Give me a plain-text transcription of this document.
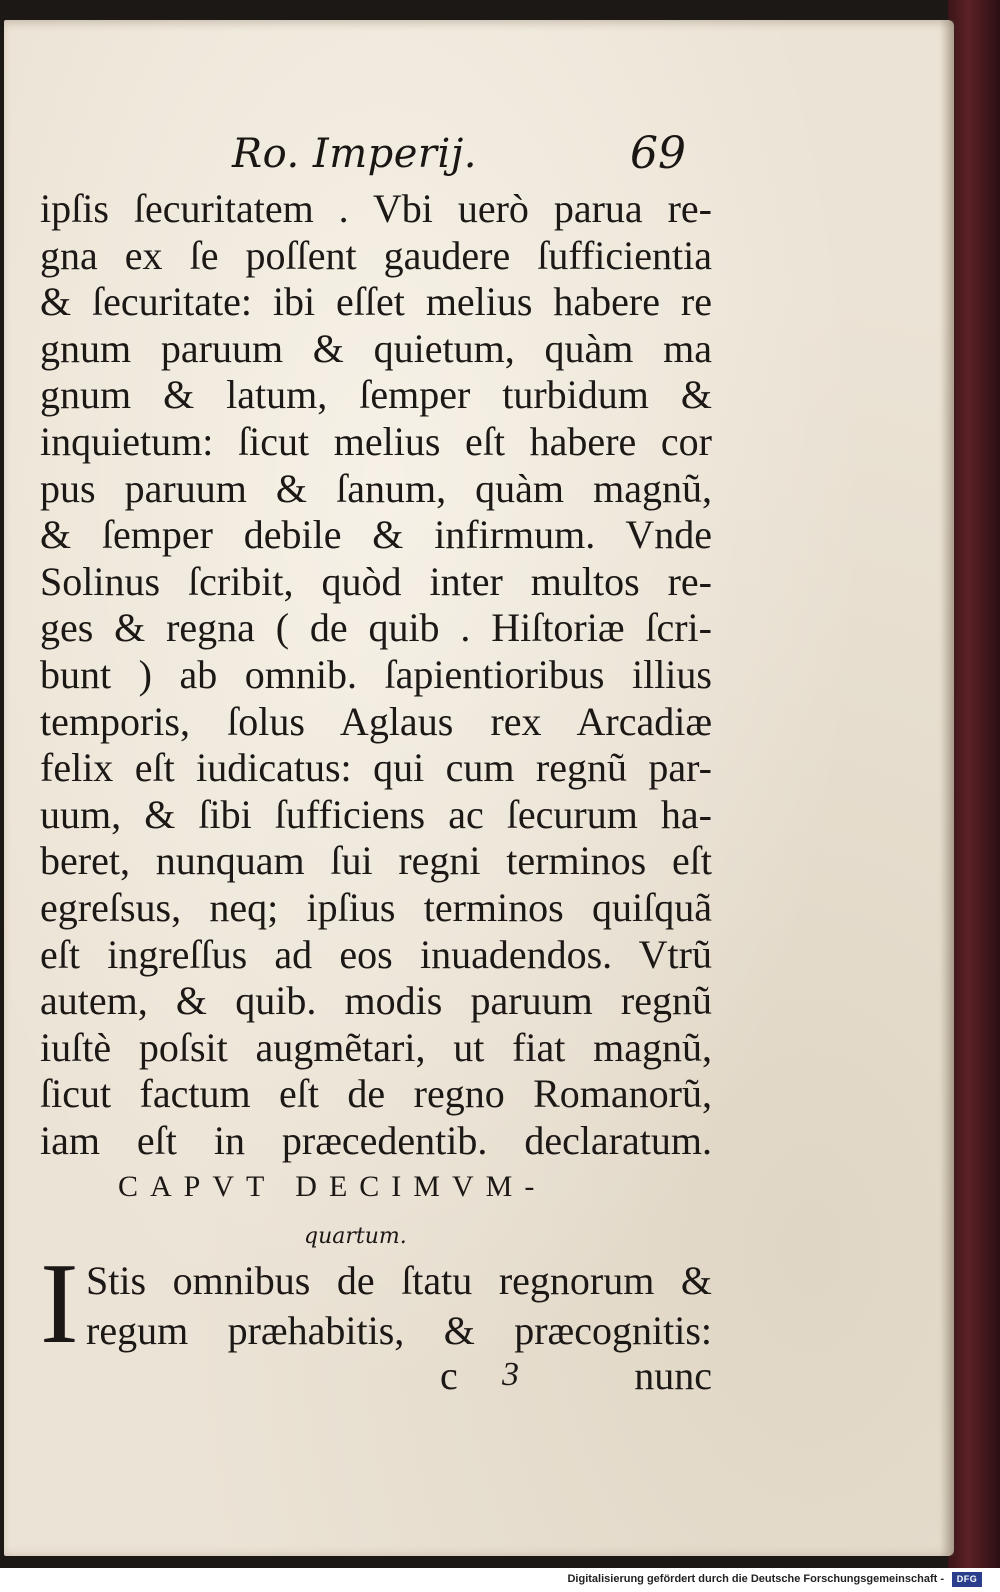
Ro. Imperij.	69
ipſis ſecuritatem . Vbi uerò parua re-
gna ex ſe poſſent gaudere ſufficientia
& ſecuritate: ibi eſſet melius habere re
gnum paruum & quietum, quàm ma
gnum & latum, ſemper turbidum &
inquietum: ſicut melius eſt habere cor
pus paruum & ſanum, quàm magnũ,
& ſemper debile & infirmum. Vnde
Solinus ſcribit, quòd inter multos re-
ges & regna ( de quib . Hiſtoriæ ſcri-
bunt ) ab omnib. ſapientioribus illius
temporis, ſolus Aglaus rex Arcadiæ
felix eſt iudicatus: qui cum regnũ par-
uum, & ſibi ſufficiens ac ſecurum ha-
beret, nunquam ſui regni terminos eſt
egreſsus, neq; ipſius terminos quiſquã
eſt ingreſſus ad eos inuadendos. Vtrũ
autem, & quib. modis paruum regnũ
iuſtè poſsit augmẽtari, ut fiat magnũ,
ſicut factum eſt de regno Romanorũ,
iam eſt in præcedentib. declaratum.
CAPVT DECIMVM-
quartum.
I Stis omnibus de ſtatu regnorum &
regum præhabitis, & præcognitis:
c 3	nunc
Digitalisierung gefördert durch die Deutsche Forschungsgemeinschaft -	DFG
